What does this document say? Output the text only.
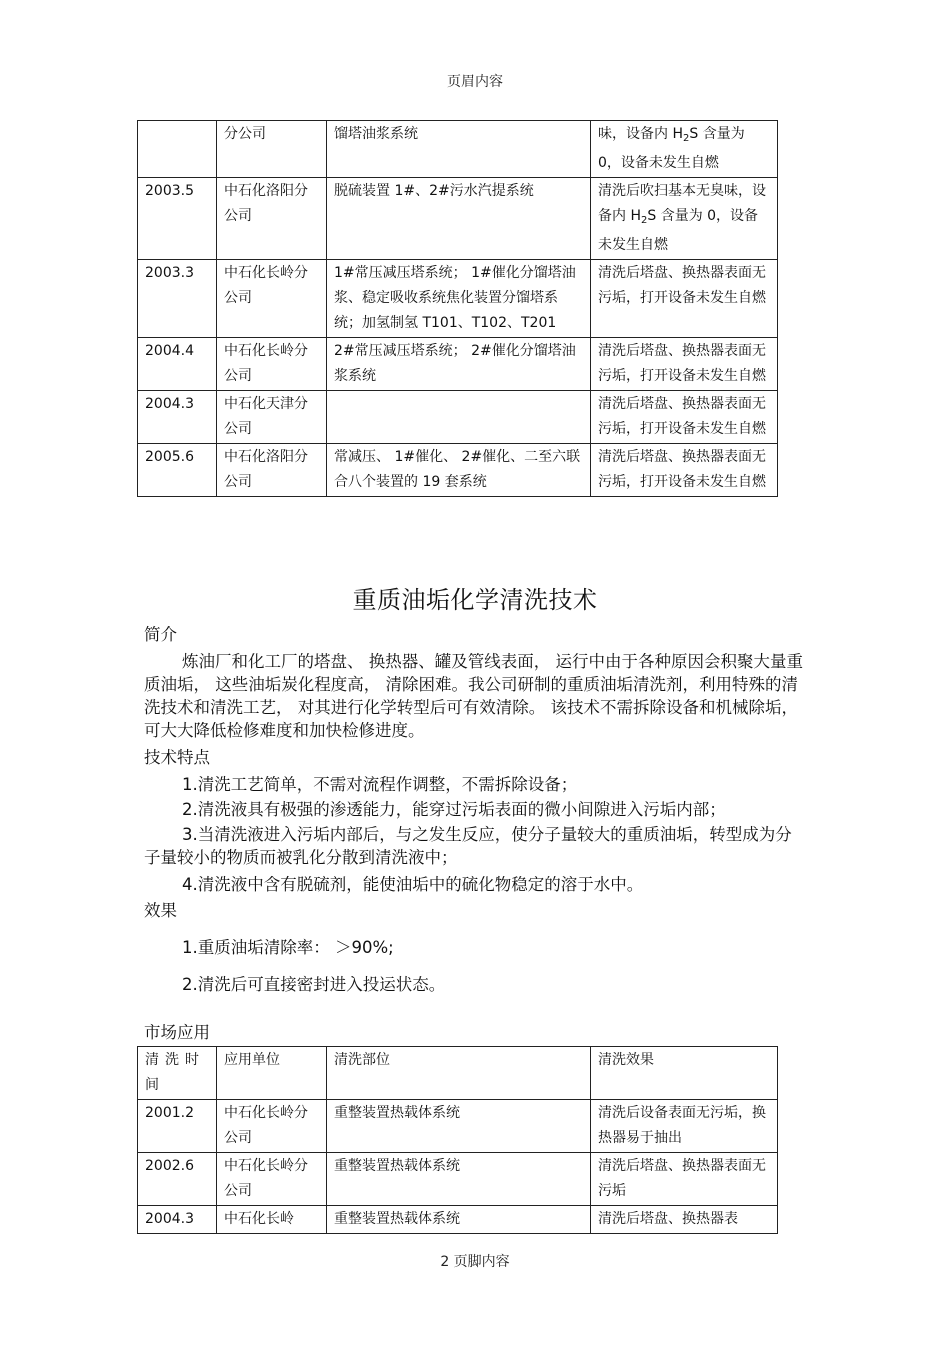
页眉内容
	分公司	馏塔油浆系统	味，设备内 $H_2S$ 含量为 0，设备未发生自燃
2003.5	中石化洛阳分公司	脱硫装置 1#、2#污水汽提系统	清洗后吹扫基本无臭味，设备内 $H_2S$ 含量为 0，设备未发生自燃
2003.3	中石化长岭分公司	1#常压减压塔系统； 1#催化分馏塔油浆、稳定吸收系统焦化装置分馏塔系统；加氢制氢 T101、T102、T201	清洗后塔盘、换热器表面无污垢，打开设备未发生自燃
2004.4	中石化长岭分公司	2#常压减压塔系统； 2#催化分馏塔油浆系统	清洗后塔盘、换热器表面无污垢，打开设备未发生自燃
2004.3	中石化天津分公司		清洗后塔盘、换热器表面无污垢，打开设备未发生自燃
2005.6	中石化洛阳分公司	常减压、 1#催化、 2#催化、二至六联合八个装置的 19 套系统	清洗后塔盘、换热器表面无污垢，打开设备未发生自燃
重质油垢化学清洗技术
简介
炼油厂和化工厂的塔盘、 换热器、罐及管线表面， 运行中由于各种原因会积聚大量重质油垢， 这些油垢炭化程度高， 清除困难。我公司研制的重质油垢清洗剂，利用特殊的清洗技术和清洗工艺， 对其进行化学转型后可有效清除。 该技术不需拆除设备和机械除垢，可大大降低检修难度和加快检修进度。
技术特点
1.清洗工艺简单，不需对流程作调整，不需拆除设备；
2.清洗液具有极强的渗透能力，能穿过污垢表面的微小间隙进入污垢内部；
3.当清洗液进入污垢内部后，与之发生反应，使分子量较大的重质油垢，转型成为分子量较小的物质而被乳化分散到清洗液中；
4.清洗液中含有脱硫剂，能使油垢中的硫化物稳定的溶于水中。
效果
1.重质油垢清除率： ＞90%;
2.清洗后可直接密封进入投运状态。
市场应用
清洗时间	应用单位	清洗部位	清洗效果
2001.2	中石化长岭分公司	重整装置热载体系统	清洗后设备表面无污垢，换热器易于抽出
2002.6	中石化长岭分公司	重整装置热载体系统	清洗后塔盘、换热器表面无污垢
2004.3	中石化长岭	重整装置热载体系统	清洗后塔盘、换热器表
2 页脚内容
